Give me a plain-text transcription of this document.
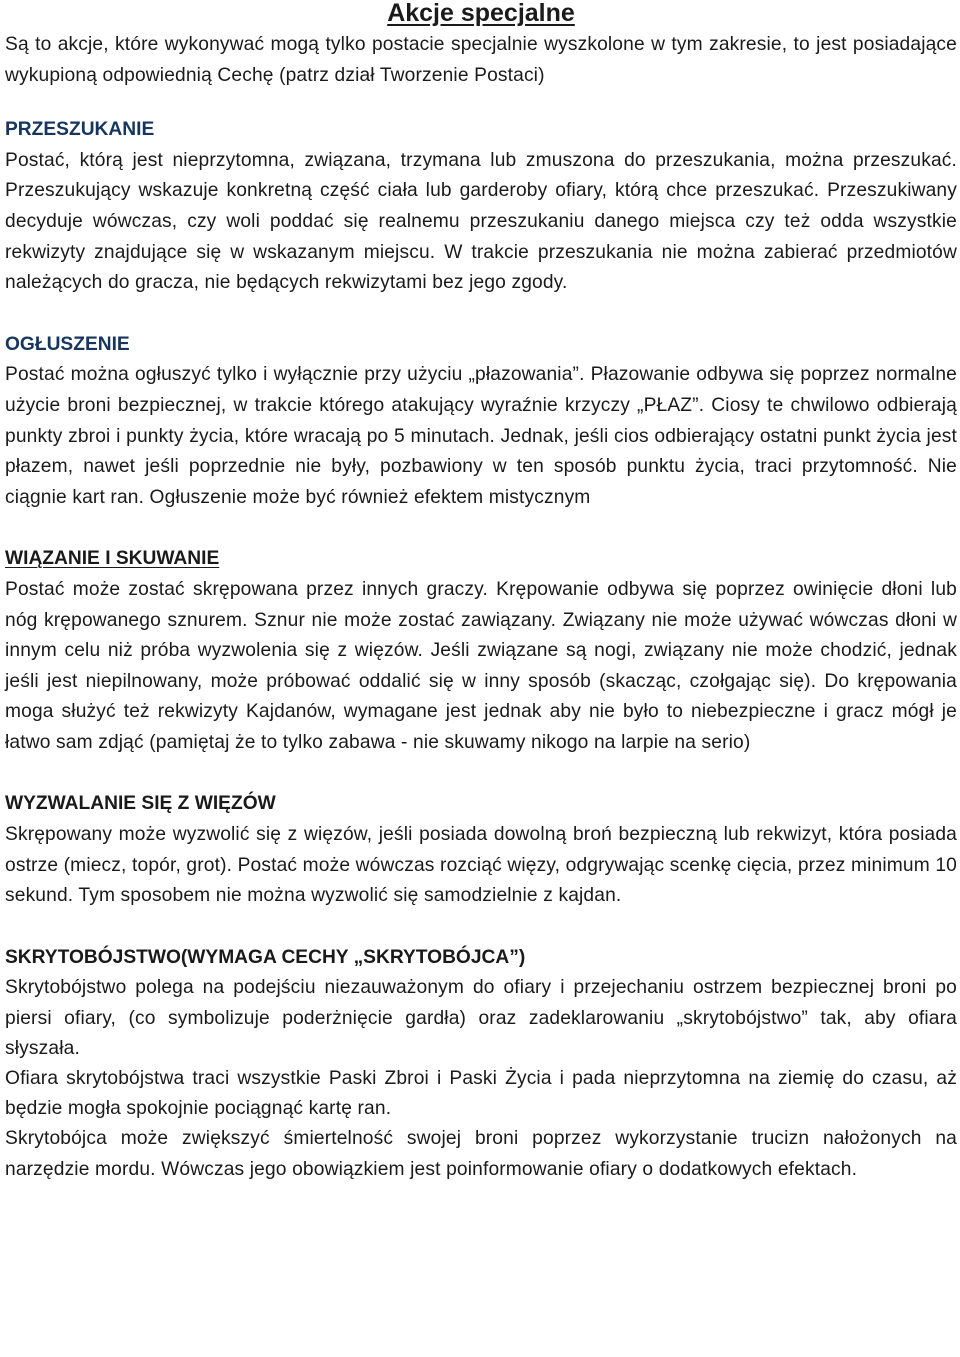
Akcje specjalne

Są to akcje, które wykonywać mogą tylko postacie specjalnie wyszkolone w tym zakresie, to jest posiadające wykupioną odpowiednią Cechę (patrz dział Tworzenie Postaci)

PRZESZUKANIE

Postać, którą jest nieprzytomna, związana, trzymana lub zmuszona do przeszukania, można przeszukać. Przeszukujący wskazuje konkretną część ciała lub garderoby ofiary, którą chce przeszukać. Przeszukiwany decyduje wówczas, czy woli poddać się realnemu przeszukaniu danego miejsca czy też odda wszystkie rekwizyty znajdujące się w wskazanym miejscu. W trakcie przeszukania nie można zabierać przedmiotów należących do gracza, nie będących rekwizytami bez jego zgody.

OGŁUSZENIE

Postać można ogłuszyć tylko i wyłącznie przy użyciu „płazowania”. Płazowanie odbywa się poprzez normalne użycie broni bezpiecznej, w trakcie którego atakujący wyraźnie krzyczy „PŁAZ”. Ciosy te chwilowo odbierają punkty zbroi i punkty życia, które wracają po 5 minutach. Jednak, jeśli cios odbierający ostatni punkt życia jest płazem, nawet jeśli poprzednie nie były, pozbawiony w ten sposób punktu życia, traci przytomność. Nie ciągnie kart ran. Ogłuszenie może być również efektem mistycznym

WIĄZANIE I SKUWANIE

Postać może zostać skrępowana przez innych graczy. Krępowanie odbywa się poprzez owinięcie dłoni lub nóg krępowanego sznurem. Sznur nie może zostać zawiązany. Związany nie może używać wówczas dłoni w innym celu niż próba wyzwolenia się z więzów. Jeśli związane są nogi, związany nie może chodzić, jednak jeśli jest niepilnowany, może próbować oddalić się w inny sposób (skacząc, czołgając się). Do krępowania moga służyć też rekwizyty Kajdanów, wymagane jest jednak aby nie było to niebezpieczne i gracz mógł je łatwo sam zdjąć (pamiętaj że to tylko zabawa - nie skuwamy nikogo na larpie na serio)

WYZWALANIE SIĘ Z WIĘZÓW

Skrępowany może wyzwolić się z więzów, jeśli posiada dowolną broń bezpieczną lub rekwizyt, która posiada ostrze (miecz, topór, grot). Postać może wówczas rozciąć więzy, odgrywając scenkę cięcia, przez minimum 10 sekund. Tym sposobem nie można wyzwolić się samodzielnie z kajdan.

SKRYTOBÓJSTWO(WYMAGA CECHY „SKRYTOBÓJCA”)

Skrytobójstwo polega na podejściu niezauważonym do ofiary i przejechaniu ostrzem bezpiecznej broni po piersi ofiary, (co symbolizuje poderżnięcie gardła) oraz zadeklarowaniu „skrytobójstwo” tak, aby ofiara słyszała.

Ofiara skrytobójstwa traci wszystkie Paski Zbroi i Paski Życia i pada nieprzytomna na ziemię do czasu, aż będzie mogła spokojnie pociągnąć kartę ran.

Skrytobójca może zwiększyć śmiertelność swojej broni poprzez wykorzystanie trucizn nałożonych na narzędzie mordu. Wówczas jego obowiązkiem jest poinformowanie ofiary o dodatkowych efektach.
